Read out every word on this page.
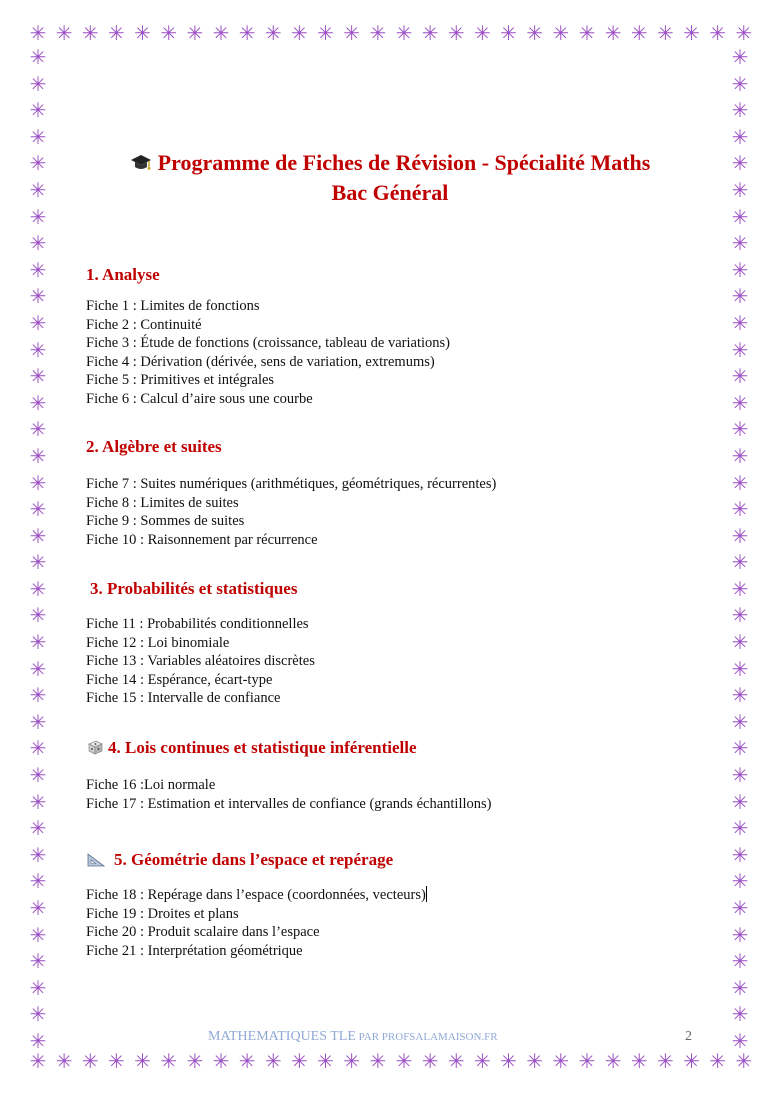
✳ ✳ ✳ ✳ ✳ ✳ ✳ ✳ ✳ ✳ ✳ ✳ ✳ ✳ ✳ ✳ ✳ ✳ ✳ ✳ ✳ ✳ ✳ ✳ ✳ ✳ ✳ ✳
✳ ✳ ✳ ✳ ✳ ✳ ✳ ✳ ✳ ✳ ✳ ✳ ✳ ✳ ✳ ✳ ✳ ✳ ✳ ✳ ✳ ✳ ✳ ✳ ✳ ✳ ✳ ✳
✳
✳
✳
✳
✳
✳
✳
✳
✳
✳
✳
✳
✳
✳
✳
✳
✳
✳
✳
✳
✳
✳
✳
✳
✳
✳
✳
✳
✳
✳
✳
✳
✳
✳
✳
✳
✳
✳
✳
✳
✳
✳
✳
✳
✳
✳
✳
✳
✳
✳
✳
✳
✳
✳
✳
✳
✳
✳
✳
✳
✳
✳
✳
✳
✳
✳
✳
✳
✳
✳
✳
✳
✳
✳
✳
✳
Programme de Fiches de Révision - Spécialité Maths
Bac Général
1. Analyse
Fiche 1 : Limites de fonctions
Fiche 2 : Continuité
Fiche 3 : Étude de fonctions (croissance, tableau de variations)
Fiche 4 : Dérivation (dérivée, sens de variation, extremums)
Fiche 5 : Primitives et intégrales
Fiche 6 : Calcul d’aire sous une courbe
2. Algèbre et suites
Fiche 7 : Suites numériques (arithmétiques, géométriques, récurrentes)
Fiche 8 : Limites de suites
Fiche 9 : Sommes de suites
Fiche 10 : Raisonnement par récurrence
3. Probabilités et statistiques
Fiche 11 : Probabilités conditionnelles
Fiche 12 : Loi binomiale
Fiche 13 : Variables aléatoires discrètes
Fiche 14 : Espérance, écart-type
Fiche 15 : Intervalle de confiance
4. Lois continues et statistique inférentielle
Fiche 16 :Loi normale
Fiche 17 : Estimation et intervalles de confiance (grands échantillons)
5. Géométrie dans l’espace et repérage
Fiche 18 : Repérage dans l’espace (coordonnées, vecteurs)
Fiche 19 : Droites et plans
Fiche 20 : Produit scalaire dans l’espace
Fiche 21 : Interprétation géométrique
MATHEMATIQUES TLE PAR PROFSALAMAISON.FR	2
